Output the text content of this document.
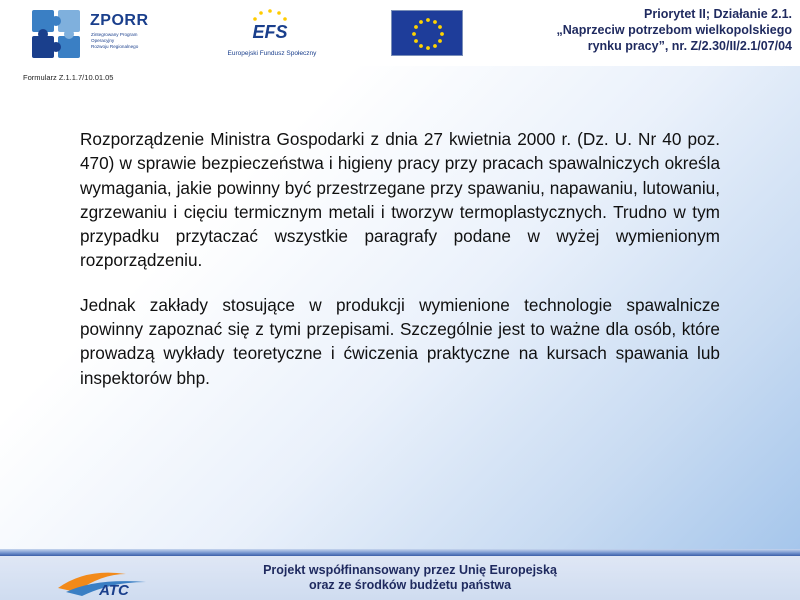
ZPORR
Zintegrowany Program
Operacyjny
Rozwoju Regionalnego
EFS
Europejski Fundusz Społeczny
Priorytet II; Działanie 2.1.
„Naprzeciw potrzebom wielkopolskiego
rynku pracy”, nr. Z/2.30/II/2.1/07/04
Formularz Z.1.1.7/10.01.05

Rozporządzenie Ministra Gospodarki z dnia 27 kwietnia 2000 r. (Dz. U. Nr 40 poz. 470) w sprawie bezpieczeństwa i higieny pracy przy pracach spawalniczych określa wymagania, jakie powinny być przestrzegane przy spawaniu, napawaniu, lutowaniu, zgrzewaniu i cięciu termicznym metali i tworzyw termoplastycznych. Trudno w tym przypadku przytaczać wszystkie paragrafy podane w wyżej wymienionym rozporządzeniu.

Jednak zakłady stosujące w produkcji wymienione technologie spawalnicze powinny zapoznać się z tymi przepisami. Szczególnie jest to ważne dla osób, które prowadzą wykłady teoretyczne i ćwiczenia praktyczne na kursach spawania lub inspektorów bhp.

ATC
Projekt współfinansowany przez Unię Europejską
oraz ze środków budżetu państwa
